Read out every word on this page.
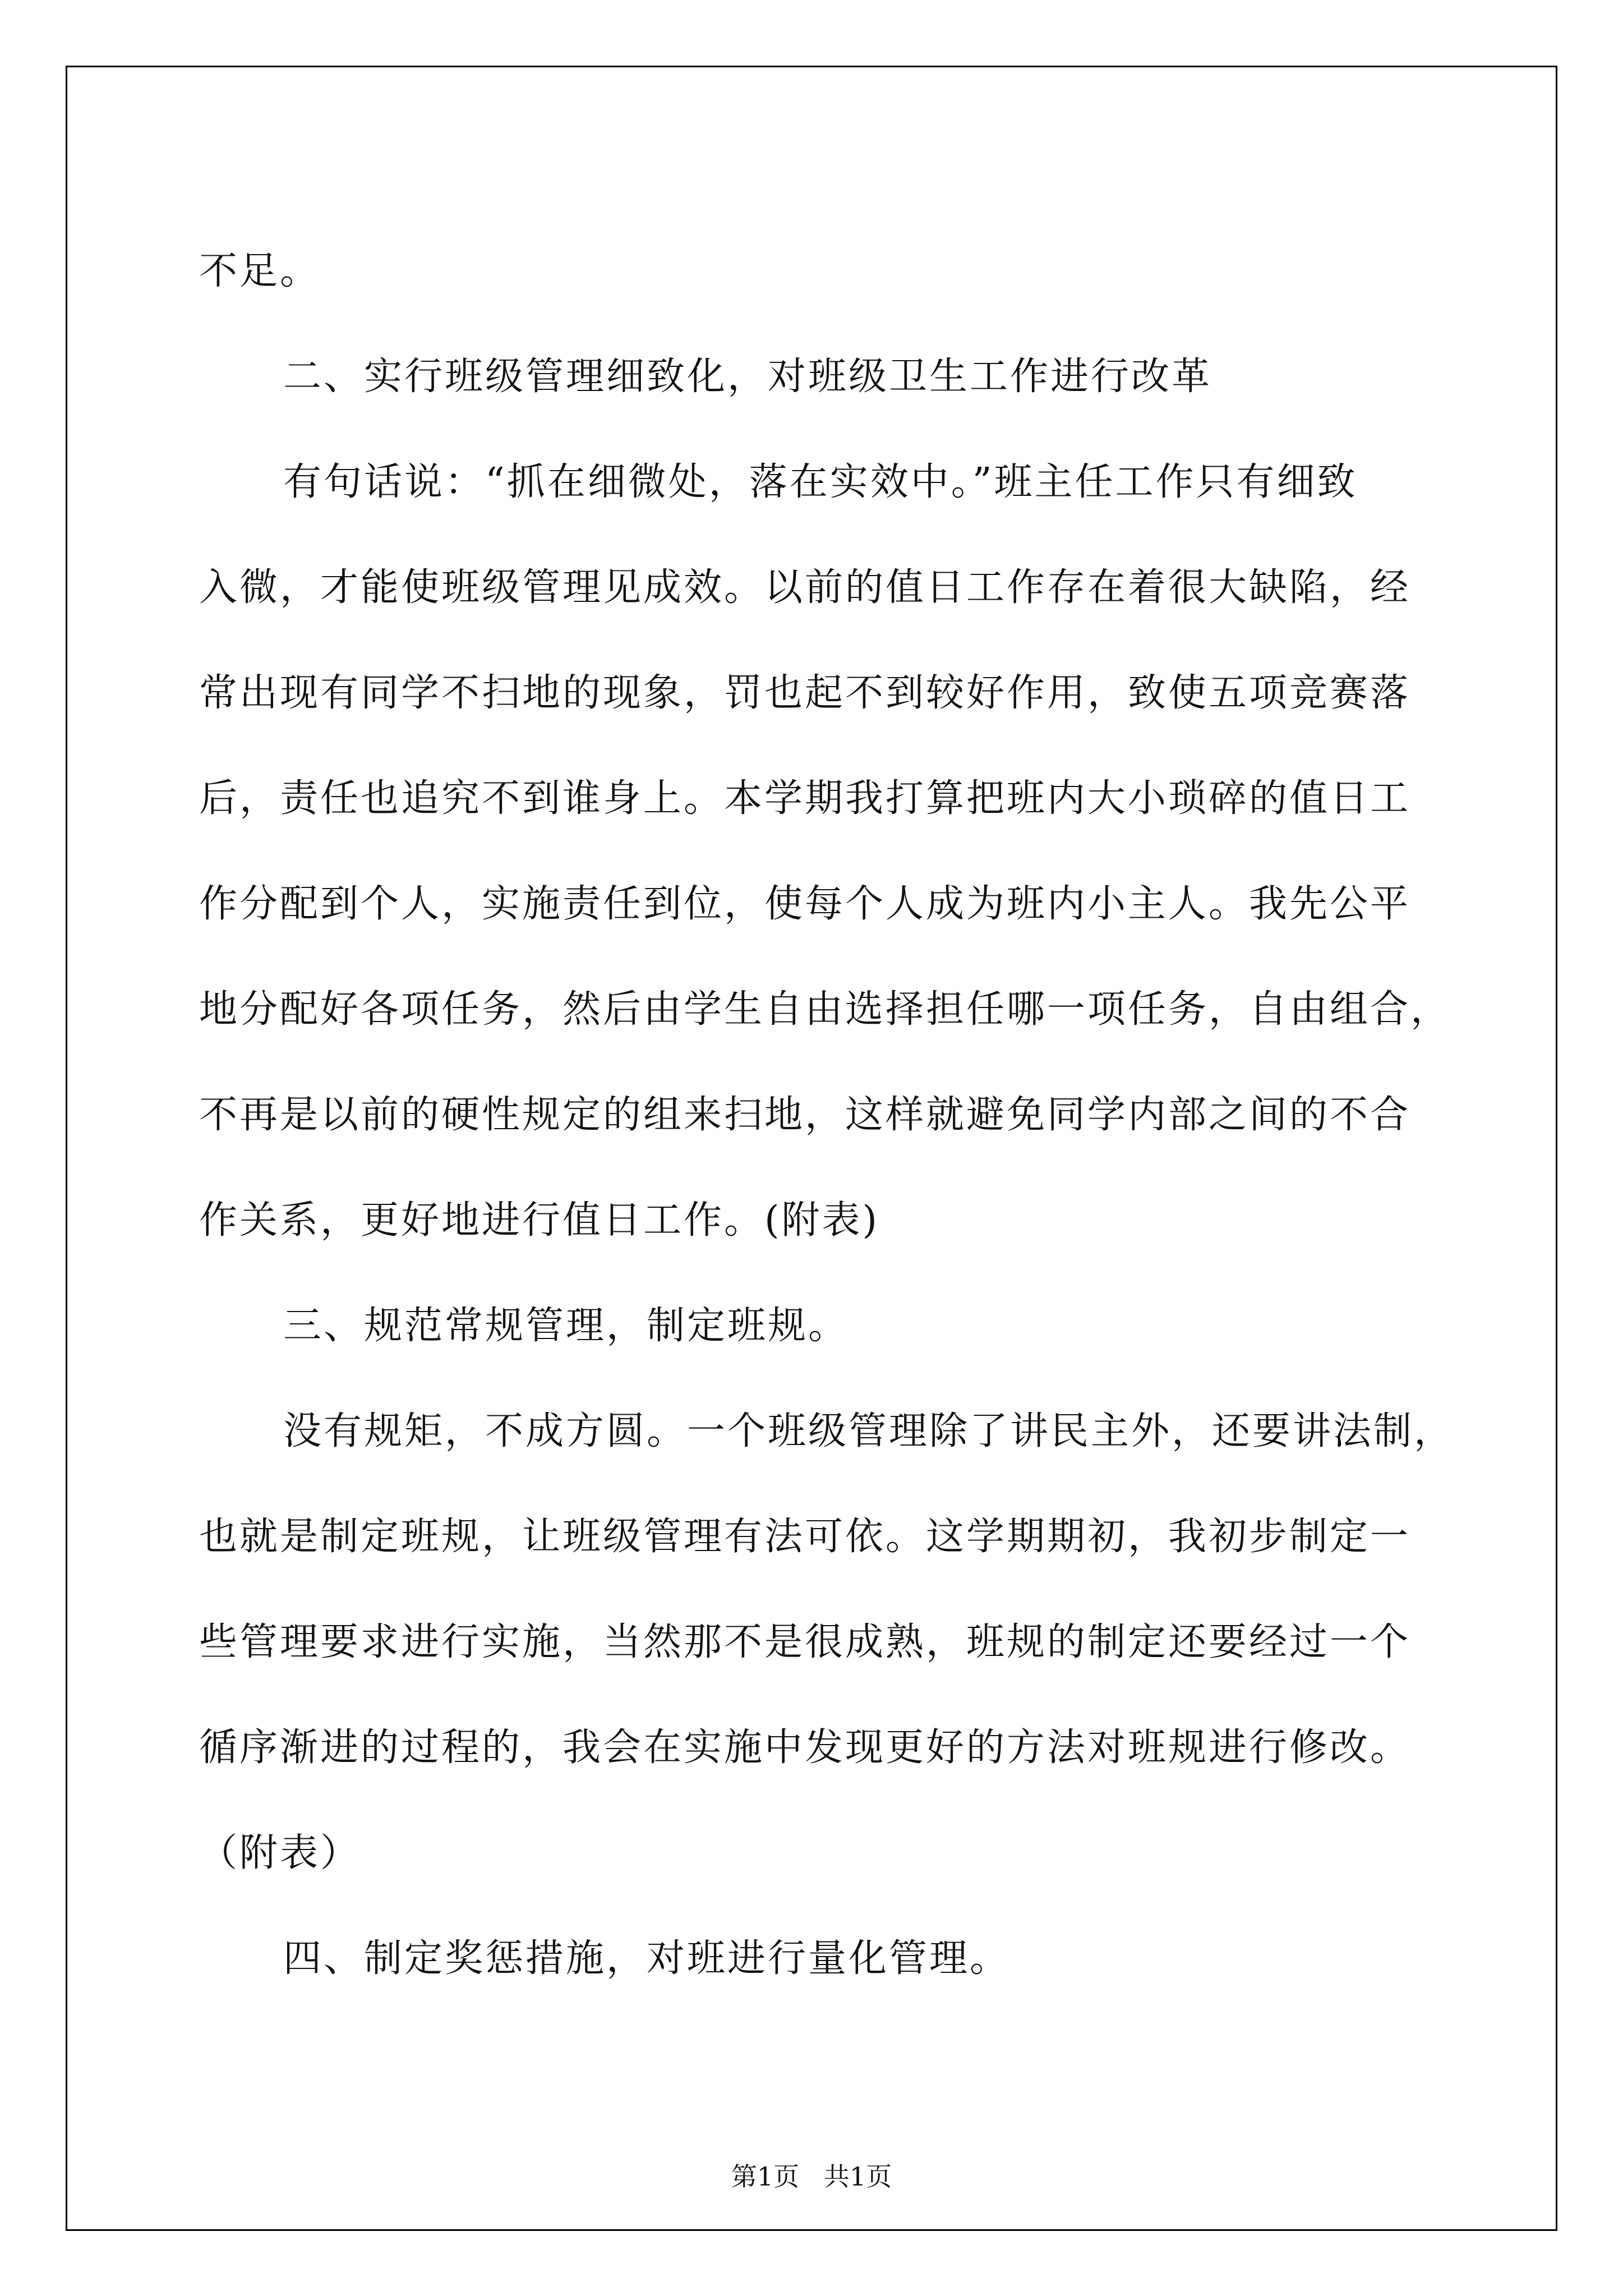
不足。
二、实行班级管理细致化，对班级卫生工作进行改革
有句话说：“抓在细微处，落在实效中。”班主任工作只有细致
入微，才能使班级管理见成效。以前的值日工作存在着很大缺陷，经
常出现有同学不扫地的现象，罚也起不到较好作用，致使五项竞赛落
后，责任也追究不到谁身上。本学期我打算把班内大小琐碎的值日工
作分配到个人，实施责任到位，使每个人成为班内小主人。我先公平
地分配好各项任务，然后由学生自由选择担任哪一项任务，自由组合，
不再是以前的硬性规定的组来扫地，这样就避免同学内部之间的不合
作关系，更好地进行值日工作。(附表)
三、规范常规管理，制定班规。
没有规矩，不成方圆。一个班级管理除了讲民主外，还要讲法制，
也就是制定班规，让班级管理有法可依。这学期期初，我初步制定一
些管理要求进行实施，当然那不是很成熟，班规的制定还要经过一个
循序渐进的过程的，我会在实施中发现更好的方法对班规进行修改。
（附表）
四、制定奖惩措施，对班进行量化管理。
第1页   共1页
